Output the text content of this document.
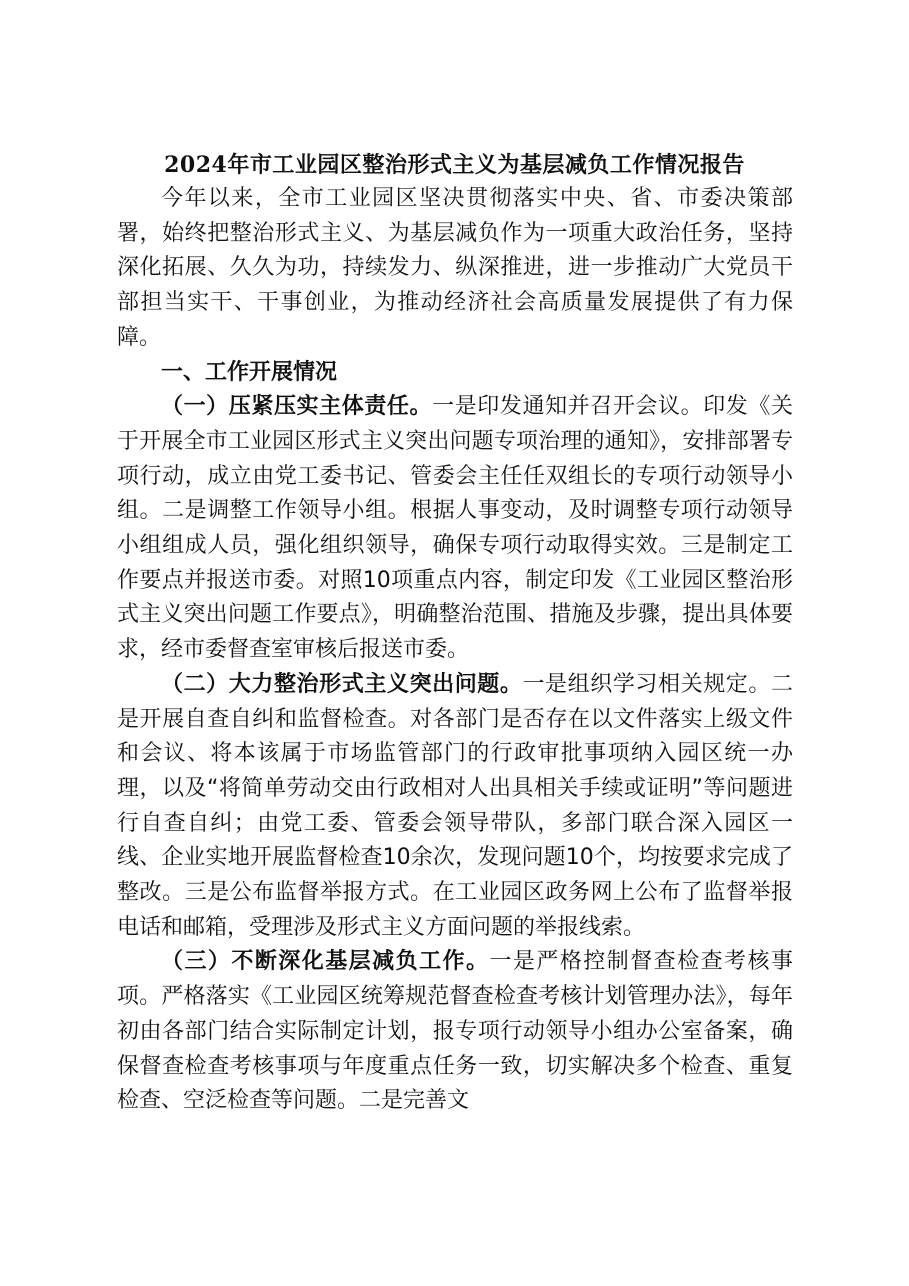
2024年市工业园区整治形式主义为基层减负工作情况报告

今年以来，全市工业园区坚决贯彻落实中央、省、市委决策部署，始终把整治形式主义、为基层减负作为一项重大政治任务，坚持深化拓展、久久为功，持续发力、纵深推进，进一步推动广大党员干部担当实干、干事创业，为推动经济社会高质量发展提供了有力保障。

一、工作开展情况

（一）压紧压实主体责任。一是印发通知并召开会议。印发《关于开展全市工业园区形式主义突出问题专项治理的通知》，安排部署专项行动，成立由党工委书记、管委会主任任双组长的专项行动领导小组。二是调整工作领导小组。根据人事变动，及时调整专项行动领导小组组成人员，强化组织领导，确保专项行动取得实效。三是制定工作要点并报送市委。对照10项重点内容，制定印发《工业园区整治形式主义突出问题工作要点》，明确整治范围、措施及步骤，提出具体要求，经市委督查室审核后报送市委。

（二）大力整治形式主义突出问题。一是组织学习相关规定。二是开展自查自纠和监督检查。对各部门是否存在以文件落实上级文件和会议、将本该属于市场监管部门的行政审批事项纳入园区统一办理，以及“将简单劳动交由行政相对人出具相关手续或证明”等问题进行自查自纠；由党工委、管委会领导带队，多部门联合深入园区一线、企业实地开展监督检查10余次，发现问题10个，均按要求完成了整改。三是公布监督举报方式。在工业园区政务网上公布了监督举报电话和邮箱，受理涉及形式主义方面问题的举报线索。

（三）不断深化基层减负工作。一是严格控制督查检查考核事项。严格落实《工业园区统筹规范督查检查考核计划管理办法》，每年初由各部门结合实际制定计划，报专项行动领导小组办公室备案，确保督查检查考核事项与年度重点任务一致，切实解决多个检查、重复检查、空泛检查等问题。二是完善文
